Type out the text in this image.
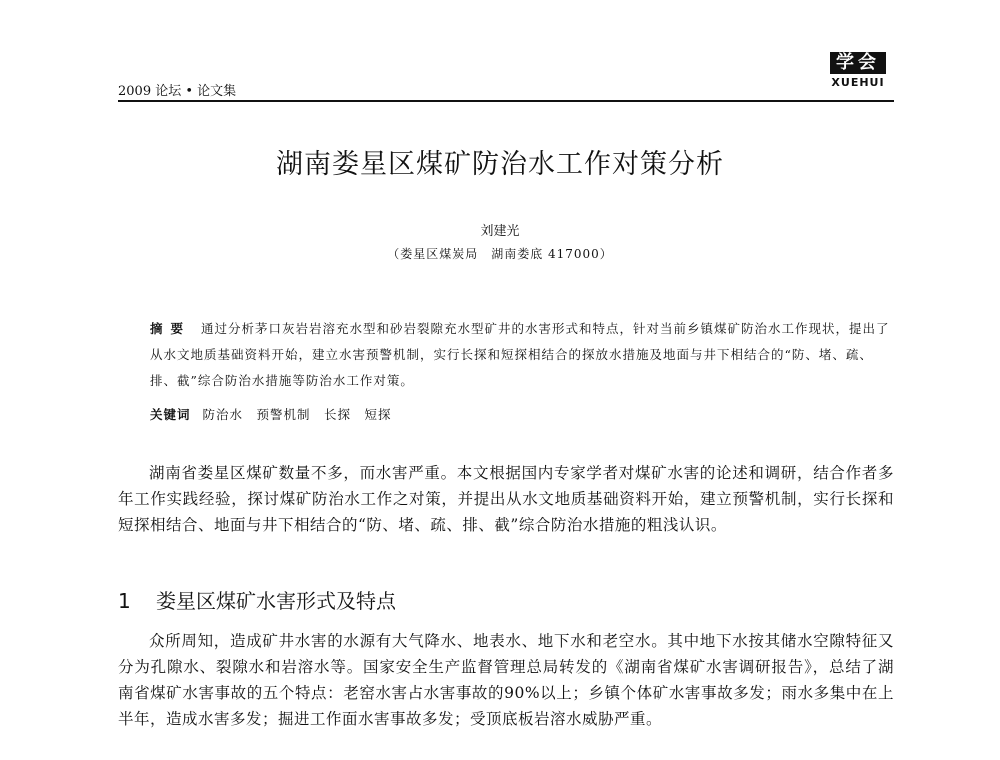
2009 论坛 • 论文集
学会
XUEHUI
湖南娄星区煤矿防治水工作对策分析
刘建光
（娄星区煤炭局　湖南娄底 417000）
摘要 通过分析茅口灰岩岩溶充水型和砂岩裂隙充水型矿井的水害形式和特点，针对当前乡镇煤矿防治水工作现状，提出了从水文地质基础资料开始，建立水害预警机制，实行长探和短探相结合的探放水措施及地面与井下相结合的“防、堵、疏、排、截”综合防治水措施等防治水工作对策。
关键词 防治水　预警机制　长探　短探
湖南省娄星区煤矿数量不多，而水害严重。本文根据国内专家学者对煤矿水害的论述和调研，结合作者多年工作实践经验，探讨煤矿防治水工作之对策，并提出从水文地质基础资料开始，建立预警机制，实行长探和短探相结合、地面与井下相结合的“防、堵、疏、排、截”综合防治水措施的粗浅认识。
1 娄星区煤矿水害形式及特点
众所周知，造成矿井水害的水源有大气降水、地表水、地下水和老空水。其中地下水按其储水空隙特征又分为孔隙水、裂隙水和岩溶水等。国家安全生产监督管理总局转发的《湖南省煤矿水害调研报告》，总结了湖南省煤矿水害事故的五个特点：老窑水害占水害事故的90%以上；乡镇个体矿水害事故多发；雨水多集中在上半年，造成水害多发；掘进工作面水害事故多发；受顶底板岩溶水威胁严重。
